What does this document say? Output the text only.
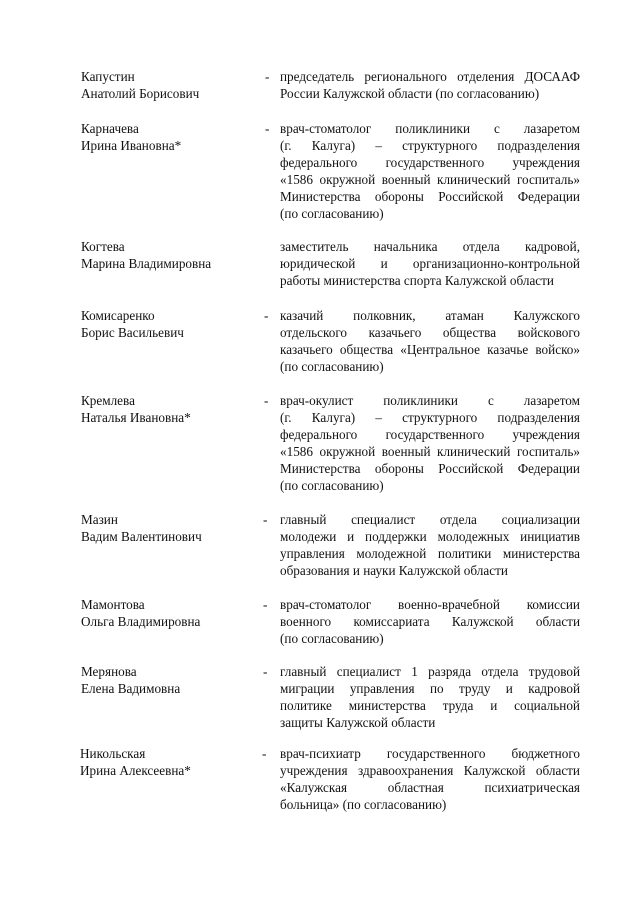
Капустин
Анатолий Борисович
- председатель регионального отделения ДОСААФ

России Калужской области (по согласованию)

Карначева
Ирина Ивановна*
- врач-стоматолог поликлиники с лазаретом

(г. Калуга) – структурного подразделения

федерального государственного учреждения

«1586 окружной военный клинический госпиталь»

Министерства обороны Российской Федерации

(по согласованию)

Когтева
Марина Владимировна

заместитель начальника отдела кадровой,

юридической и организационно-контрольной

работы министерства спорта Калужской области

Комисаренко
Борис Васильевич
- казачий полковник, атаман Калужского

отдельского казачьего общества войскового

казачьего общества «Центральное казачье войско»

(по согласованию)

Кремлева
Наталья Ивановна*
- врач-окулист поликлиники с лазаретом

(г. Калуга) – структурного подразделения

федерального государственного учреждения

«1586 окружной военный клинический госпиталь»

Министерства обороны Российской Федерации

(по согласованию)

Мазин
Вадим Валентинович
- главный специалист отдела социализации

молодежи и поддержки молодежных инициатив

управления молодежной политики министерства

образования и науки Калужской области

Мамонтова
Ольга Владимировна
- врач-стоматолог военно-врачебной комиссии

военного комиссариата Калужской области

(по согласованию)

Мерянова
Елена Вадимовна
- главный специалист 1 разряда отдела трудовой

миграции управления по труду и кадровой

политике министерства труда и социальной

защиты Калужской области

Никольская
Ирина Алексеевна*
- врач-психиатр государственного бюджетного

учреждения здравоохранения Калужской области

«Калужская областная психиатрическая

больница» (по согласованию)
